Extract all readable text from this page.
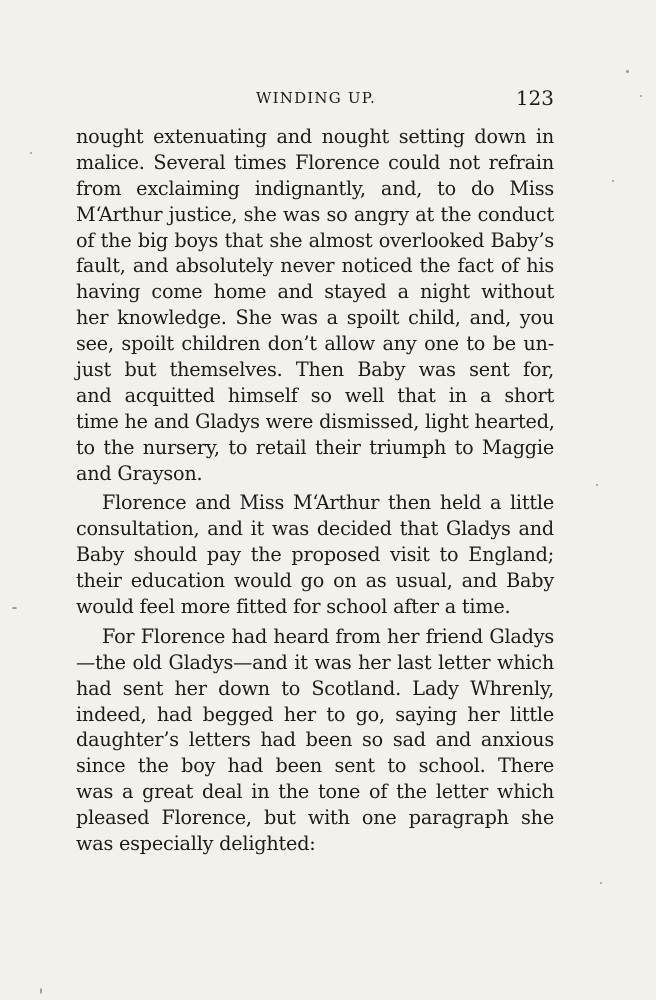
WINDING UP.	123
nought extenuating and nought setting down in
malice. Several times Florence could not refrain
from exclaiming indignantly, and, to do Miss
M‘Arthur justice, she was so angry at the conduct
of the big boys that she almost overlooked Baby’s
fault, and absolutely never noticed the fact of his
having come home and stayed a night without
her knowledge. She was a spoilt child, and, you
see, spoilt children don’t allow any one to be un-
just but themselves. Then Baby was sent for,
and acquitted himself so well that in a short
time he and Gladys were dismissed, light hearted,
to the nursery, to retail their triumph to Maggie
and Grayson.
Florence and Miss M‘Arthur then held a little
consultation, and it was decided that Gladys and
Baby should pay the proposed visit to England;
their education would go on as usual, and Baby
would feel more fitted for school after a time.
For Florence had heard from her friend Gladys
—the old Gladys—and it was her last letter which
had sent her down to Scotland. Lady Whrenly,
indeed, had begged her to go, saying her little
daughter’s letters had been so sad and anxious
since the boy had been sent to school. There
was a great deal in the tone of the letter which
pleased Florence, but with one paragraph she
was especially delighted:
